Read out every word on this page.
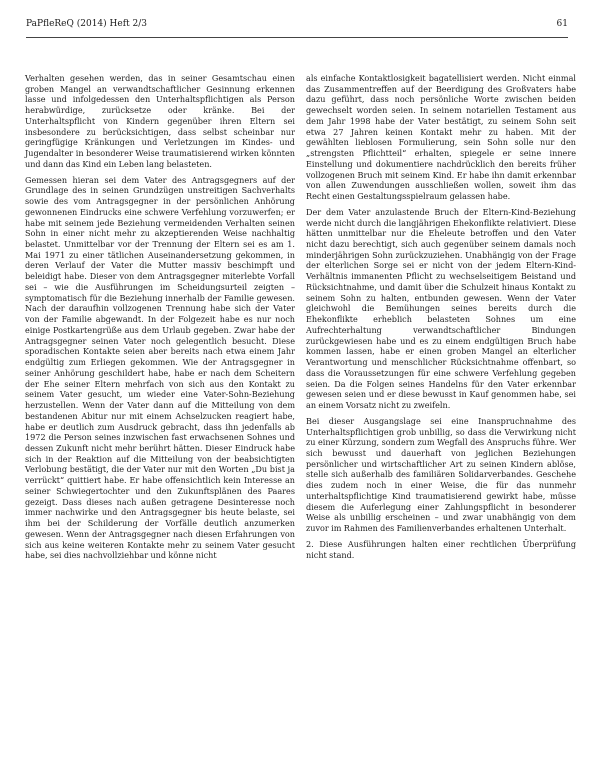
PaPfleReQ (2014) Heft 2/3	61

Verhalten gesehen werden, das in seiner Gesamtschau einen groben Mangel an verwandtschaftlicher Gesinnung erkennen lasse und infolgedessen den Unterhaltspflichtigen als Person herabwürdige, zurücksetze oder kränke. Bei der Unterhaltspflicht von Kindern gegenüber ihren Eltern sei insbesondere zu berücksichtigen, dass selbst scheinbar nur geringfügige Kränkungen und Verletzungen im Kindes- und Jugendalter in besonderer Weise traumatisierend wirken könnten und dann das Kind ein Leben lang belasteten.

Gemessen hieran sei dem Vater des Antragsgegners auf der Grundlage des in seinen Grundzügen unstreitigen Sachverhalts sowie des vom Antragsgegner in der persönlichen Anhörung gewonnenen Eindrucks eine schwere Verfehlung vorzuwerfen; er habe mit seinem jede Beziehung vermeidenden Verhalten seinen Sohn in einer nicht mehr zu akzeptierenden Weise nachhaltig belastet. Unmittelbar vor der Trennung der Eltern sei es am 1. Mai 1971 zu einer tätlichen Auseinandersetzung gekommen, in deren Verlauf der Vater die Mutter massiv beschimpft und beleidigt habe. Dieser von dem Antragsgegner miterlebte Vorfall sei – wie die Ausführungen im Scheidungsurteil zeigten – symptomatisch für die Beziehung innerhalb der Familie gewesen. Nach der daraufhin vollzogenen Trennung habe sich der Vater von der Familie abgewandt. In der Folgezeit habe es nur noch einige Postkartengrüße aus dem Urlaub gegeben. Zwar habe der Antragsgegner seinen Vater noch gelegentlich besucht. Diese sporadischen Kontakte seien aber bereits nach etwa einem Jahr endgültig zum Erliegen gekommen. Wie der Antragsgegner in seiner Anhörung geschildert habe, habe er nach dem Scheitern der Ehe seiner Eltern mehrfach von sich aus den Kontakt zu seinem Vater gesucht, um wieder eine Vater-Sohn-Beziehung herzustellen. Wenn der Vater dann auf die Mitteilung von dem bestandenen Abitur nur mit einem Achselzucken reagiert habe, habe er deutlich zum Ausdruck gebracht, dass ihn jedenfalls ab 1972 die Person seines inzwischen fast erwachsenen Sohnes und dessen Zukunft nicht mehr berührt hätten. Dieser Eindruck habe sich in der Reaktion auf die Mitteilung von der beabsichtigten Verlobung bestätigt, die der Vater nur mit den Worten „Du bist ja verrückt“ quittiert habe. Er habe offensichtlich kein Interesse an seiner Schwiegertochter und den Zukunftsplänen des Paares gezeigt. Dass dieses nach außen getragene Desinteresse noch immer nachwirke und den Antragsgegner bis heute belaste, sei ihm bei der Schilderung der Vorfälle deutlich anzumerken gewesen. Wenn der Antragsgegner nach diesen Erfahrungen von sich aus keine weiteren Kontakte mehr zu seinem Vater gesucht habe, sei dies nachvollziehbar und könne nicht

als einfache Kontaktlosigkeit bagatellisiert werden. Nicht einmal das Zusammentreffen auf der Beerdigung des Großvaters habe dazu geführt, dass noch persönliche Worte zwischen beiden gewechselt worden seien. In seinem notariellen Testament aus dem Jahr 1998 habe der Vater bestätigt, zu seinem Sohn seit etwa 27 Jahren keinen Kontakt mehr zu haben. Mit der gewählten lieblosen Formulierung, sein Sohn solle nur den „strengsten Pflichtteil“ erhalten, spiegele er seine innere Einstellung und dokumentiere nachdrücklich den bereits früher vollzogenen Bruch mit seinem Kind. Er habe ihn damit erkennbar von allen Zuwendungen ausschließen wollen, soweit ihm das Recht einen Gestaltungsspielraum gelassen habe.

Der dem Vater anzulastende Bruch der Eltern-Kind-Beziehung werde nicht durch die langjährigen Ehekonflikte relativiert. Diese hätten unmittelbar nur die Eheleute betroffen und den Vater nicht dazu berechtigt, sich auch gegenüber seinem damals noch minderjährigen Sohn zurückzuziehen. Unabhängig von der Frage der elterlichen Sorge sei er nicht von der jedem Eltern-Kind-Verhältnis immanenten Pflicht zu wechselseitigem Beistand und Rücksichtnahme, und damit über die Schulzeit hinaus Kontakt zu seinem Sohn zu halten, entbunden gewesen. Wenn der Vater gleichwohl die Bemühungen seines bereits durch die Ehekonflikte erheblich belasteten Sohnes um eine Aufrechterhaltung verwandtschaftlicher Bindungen zurückgewiesen habe und es zu einem endgültigen Bruch habe kommen lassen, habe er einen groben Mangel an elterlicher Verantwortung und menschlicher Rücksichtnahme offenbart, so dass die Voraussetzungen für eine schwere Verfehlung gegeben seien. Da die Folgen seines Handelns für den Vater erkennbar gewesen seien und er diese bewusst in Kauf genommen habe, sei an einem Vorsatz nicht zu zweifeln.

Bei dieser Ausgangslage sei eine Inanspruchnahme des Unterhaltspflichtigen grob unbillig, so dass die Verwirkung nicht zu einer Kürzung, sondern zum Wegfall des Anspruchs führe. Wer sich bewusst und dauerhaft von jeglichen Beziehungen persönlicher und wirtschaftlicher Art zu seinen Kindern ablöse, stelle sich außerhalb des familiären Solidarverbandes. Geschehe dies zudem noch in einer Weise, die für das nunmehr unterhaltspflichtige Kind traumatisierend gewirkt habe, müsse diesem die Auferlegung einer Zahlungspflicht in besonderer Weise als unbillig erscheinen – und zwar unabhängig von dem zuvor im Rahmen des Familienverbandes erhaltenen Unterhalt.

2. Diese Ausführungen halten einer rechtlichen Überprüfung nicht stand.
